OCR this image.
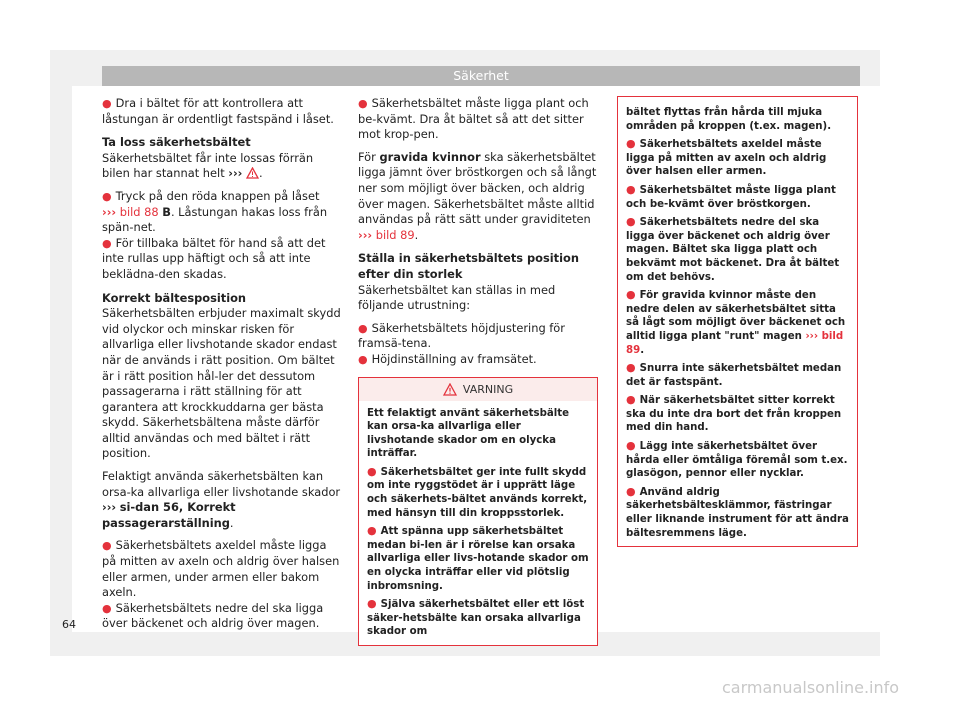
Säkerhet

● Dra i bältet för att kontrollera att låstungan är ordentligt fastspänd i låset.

Ta loss säkerhetsbältet

Säkerhetsbältet får inte lossas förrän bilen har stannat helt ››› .

● Tryck på den röda knappen på låset
››› bild 88 B. Låstungan hakas loss från spän-net.

● För tillbaka bältet för hand så att det inte rullas upp häftigt och så att inte beklädna-den skadas.

Korrekt bältesposition

Säkerhetsbälten erbjuder maximalt skydd vid olyckor och minskar risken för allvarliga eller livshotande skador endast när de används i rätt position. Om bältet är i rätt position hål-ler det dessutom passagerarna i rätt ställning för att garantera att krockkuddarna ger bästa skydd. Säkerhetsbältena måste därför alltid användas och med bältet i rätt position.

Felaktigt använda säkerhetsbälten kan orsa-ka allvarliga eller livshotande skador ››› si-dan 56, Korrekt passagerarställning.

● Säkerhetsbältets axeldel måste ligga på mitten av axeln och aldrig över halsen eller armen, under armen eller bakom axeln.

● Säkerhetsbältets nedre del ska ligga över bäckenet och aldrig över magen.

● Säkerhetsbältet måste ligga plant och be-kvämt. Dra åt bältet så att det sitter mot krop-pen.

För gravida kvinnor ska säkerhetsbältet ligga jämnt över bröstkorgen och så långt ner som möjligt över bäcken, och aldrig över magen. Säkerhetsbältet måste alltid användas på rätt sätt under graviditeten ››› bild 89.

Ställa in säkerhetsbältets position efter din storlek

Säkerhetsbältet kan ställas in med följande utrustning:

● Säkerhetsbältets höjdjustering för framsä-tena.

● Höjdinställning av framsätet.

VARNING

Ett felaktigt använt säkerhetsbälte kan orsa-ka allvarliga eller livshotande skador om en olycka inträffar.

● Säkerhetsbältet ger inte fullt skydd om inte ryggstödet är i upprätt läge och säkerhets-bältet används korrekt, med hänsyn till din kroppsstorlek.

● Att spänna upp säkerhetsbältet medan bi-len är i rörelse kan orsaka allvarliga eller livs-hotande skador om en olycka inträffar eller vid plötslig inbromsning.

● Själva säkerhetsbältet eller ett löst säker-hetsbälte kan orsaka allvarliga skador om

bältet flyttas från hårda till mjuka områden på kroppen (t.ex. magen).

● Säkerhetsbältets axeldel måste ligga på mitten av axeln och aldrig över halsen eller armen.

● Säkerhetsbältet måste ligga plant och be-kvämt över bröstkorgen.

● Säkerhetsbältets nedre del ska ligga över bäckenet och aldrig över magen. Bältet ska ligga platt och bekvämt mot bäckenet. Dra åt bältet om det behövs.

● För gravida kvinnor måste den nedre delen av säkerhetsbältet sitta så lågt som möjligt över bäckenet och alltid ligga plant "runt" magen ››› bild 89.

● Snurra inte säkerhetsbältet medan det är fastspänt.

● När säkerhetsbältet sitter korrekt ska du inte dra bort det från kroppen med din hand.

● Lägg inte säkerhetsbältet över hårda eller ömtåliga föremål som t.ex. glasögon, pennor eller nycklar.

● Använd aldrig säkerhetsbältesklämmor, fästringar eller liknande instrument för att ändra bältesremmens läge.

64
carmanualsonline.info
